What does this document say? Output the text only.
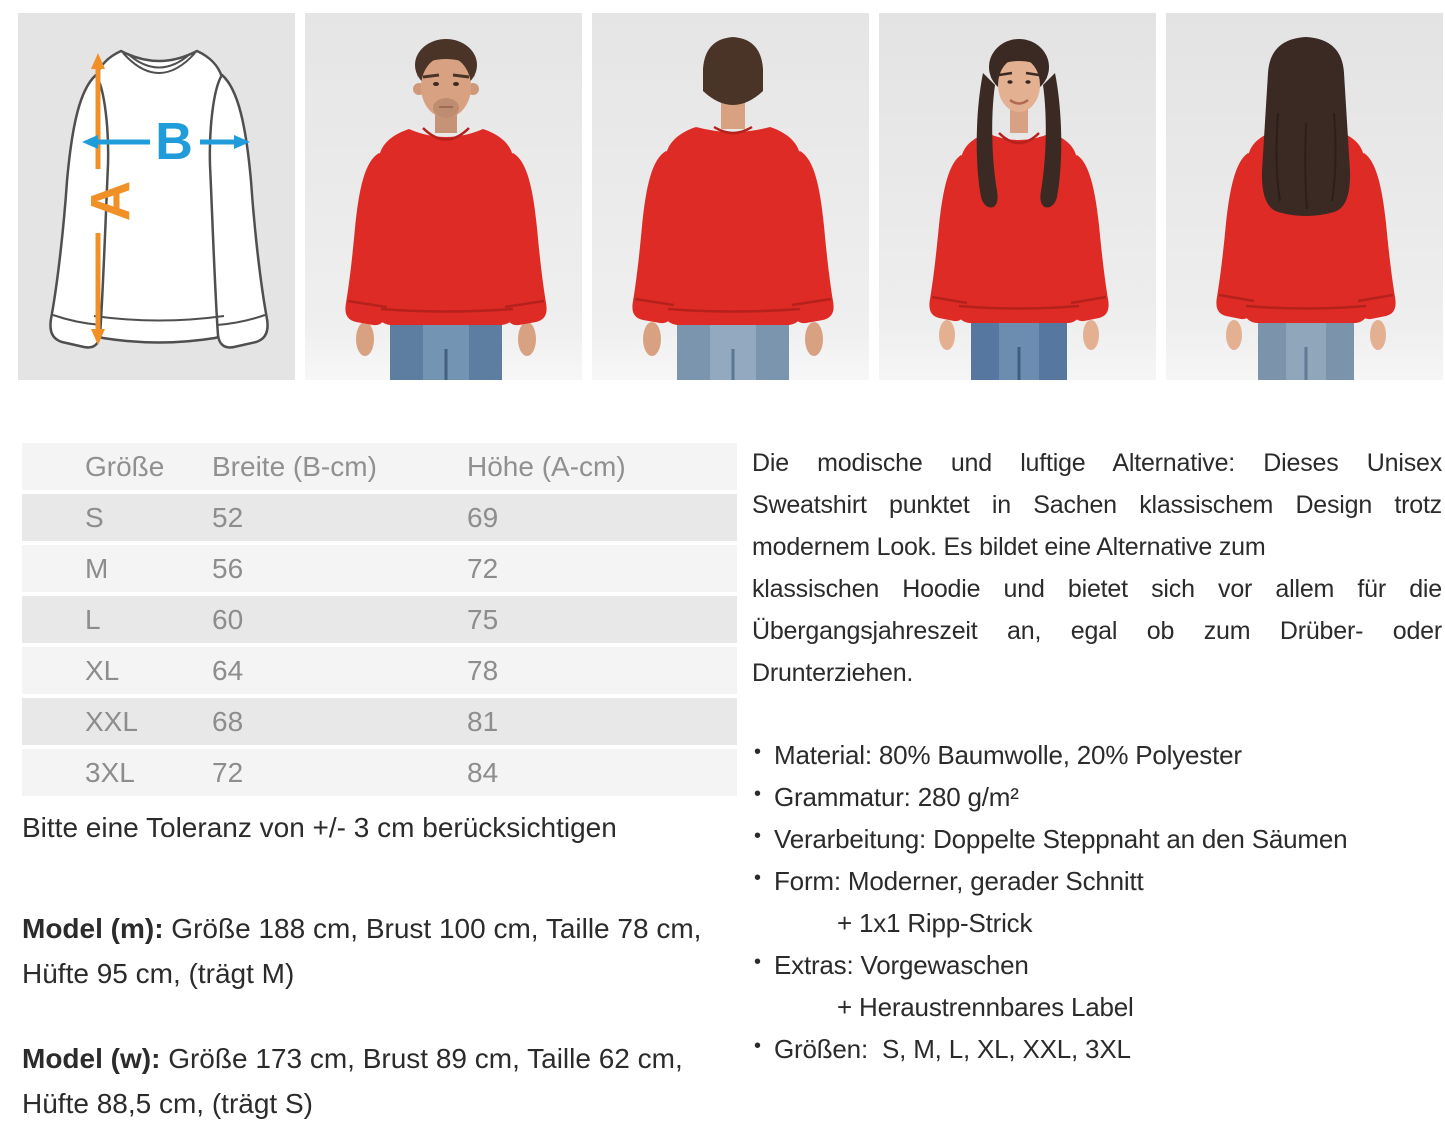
A
B
Größe	Breite (B-cm)	Höhe (A-cm)
S	52	69
M	56	72
L	60	75
XL	64	78
XXL	68	81
3XL	72	84
Bitte eine Toleranz von +/- 3 cm berücksichtigen
Model (m): Größe 188 cm, Brust 100 cm, Taille 78 cm,
Hüfte 95 cm, (trägt M)
Model (w): Größe 173 cm, Brust 89 cm, Taille 62 cm,
Hüfte 88,5 cm, (trägt S)
Die modische und luftige Alternative: Dieses Unisex
Sweatshirt punktet in Sachen klassischem Design trotz
modernem Look. Es bildet eine Alternative zum
klassischen Hoodie und bietet sich vor allem für die
Übergangsjahreszeit an, egal ob zum Drüber- oder
Drunterziehen.
• Material: 80% Baumwolle, 20% Polyester
• Grammatur: 280 g/m²
• Verarbeitung: Doppelte Steppnaht an den Säumen
• Form: Moderner, gerader Schnitt
+ 1x1 Ripp-Strick
• Extras: Vorgewaschen
+ Heraustrennbares Label
• Größen:  S, M, L, XL, XXL, 3XL
